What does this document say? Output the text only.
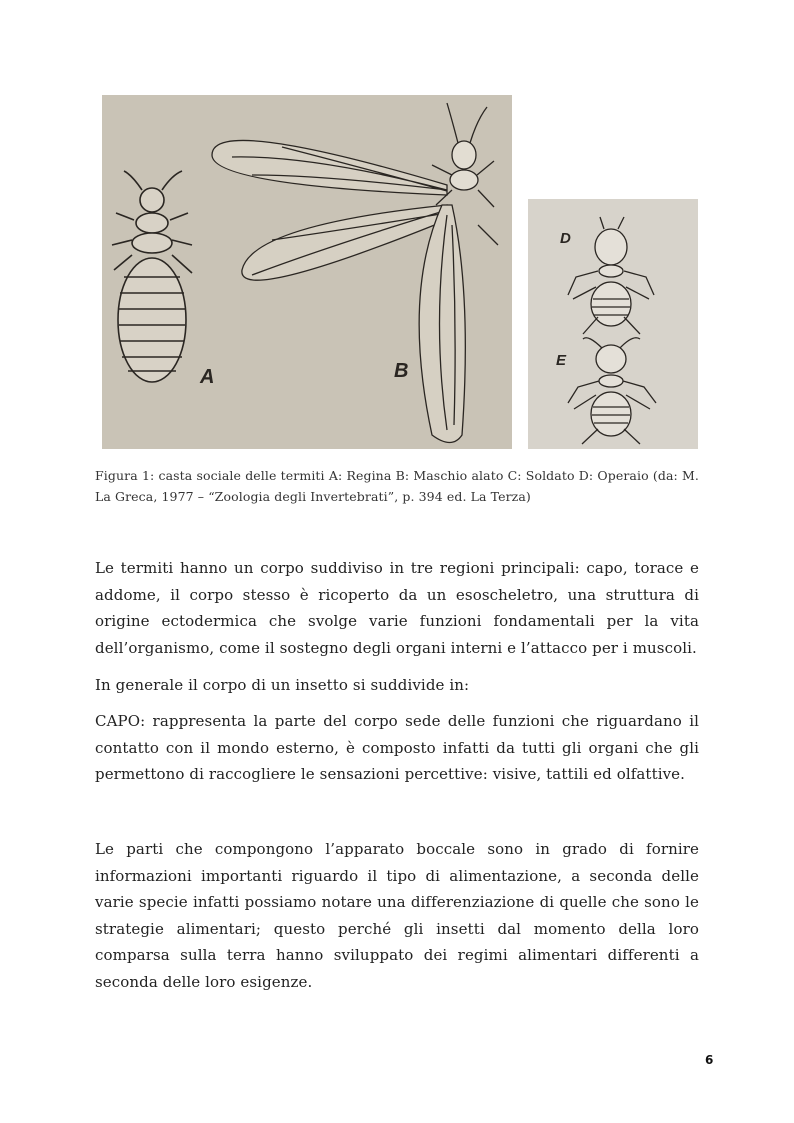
A	B
D
E
Figura 1: casta sociale delle termiti A: Regina B: Maschio alato C: Soldato D: Operaio (da: M. La Greca, 1977 – “Zoologia degli Invertebrati”, p. 394 ed. La Terza)

Le termiti hanno un corpo suddiviso in tre regioni principali: capo, torace e addome, il corpo stesso è ricoperto da un esoscheletro, una struttura di origine ectodermica che svolge varie funzioni fondamentali per la vita dell’organismo, come il sostegno degli organi interni e l’attacco per i muscoli.

In generale il corpo di un insetto si suddivide in:

CAPO: rappresenta la parte del corpo sede delle funzioni che riguardano il contatto con il mondo esterno, è composto infatti da tutti gli organi che gli permettono di raccogliere le sensazioni percettive: visive, tattili ed olfattive.

Le parti che compongono l’apparato boccale sono in grado di fornire informazioni importanti riguardo il tipo di alimentazione, a seconda delle varie specie infatti possiamo notare una differenziazione di quelle che sono le strategie alimentari; questo perché gli insetti dal momento della loro comparsa sulla terra hanno sviluppato dei regimi alimentari differenti a seconda delle loro esigenze.

6
